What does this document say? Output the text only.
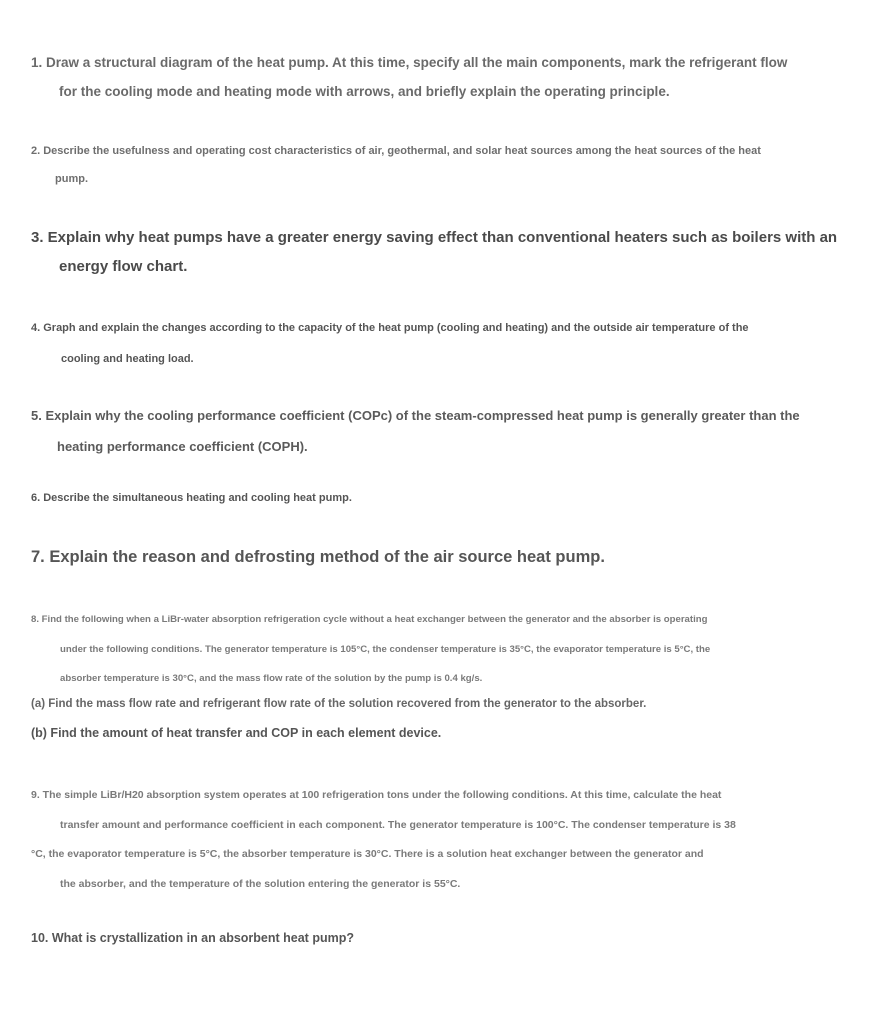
1. Draw a structural diagram of the heat pump. At this time, specify all the main components, mark the refrigerant flow
for the cooling mode and heating mode with arrows, and briefly explain the operating principle.

2. Describe the usefulness and operating cost characteristics of air, geothermal, and solar heat sources among the heat sources of the heat
pump.

3. Explain why heat pumps have a greater energy saving effect than conventional heaters such as boilers with an
energy flow chart.

4. Graph and explain the changes according to the capacity of the heat pump (cooling and heating) and the outside air temperature of the
cooling and heating load.

5. Explain why the cooling performance coefficient (COPc) of the steam-compressed heat pump is generally greater than the
heating performance coefficient (COPH).

6. Describe the simultaneous heating and cooling heat pump.

7. Explain the reason and defrosting method of the air source heat pump.

8. Find the following when a LiBr-water absorption refrigeration cycle without a heat exchanger between the generator and the absorber is operating
under the following conditions. The generator temperature is 105°C, the condenser temperature is 35°C, the evaporator temperature is 5°C, the
absorber temperature is 30°C, and the mass flow rate of the solution by the pump is 0.4 kg/s.

(a) Find the mass flow rate and refrigerant flow rate of the solution recovered from the generator to the absorber.

(b) Find the amount of heat transfer and COP in each element device.

9. The simple LiBr/H20 absorption system operates at 100 refrigeration tons under the following conditions. At this time, calculate the heat
transfer amount and performance coefficient in each component. The generator temperature is 100°C. The condenser temperature is 38
°C, the evaporator temperature is 5°C, the absorber temperature is 30°C. There is a solution heat exchanger between the generator and
the absorber, and the temperature of the solution entering the generator is 55°C.

10. What is crystallization in an absorbent heat pump?
